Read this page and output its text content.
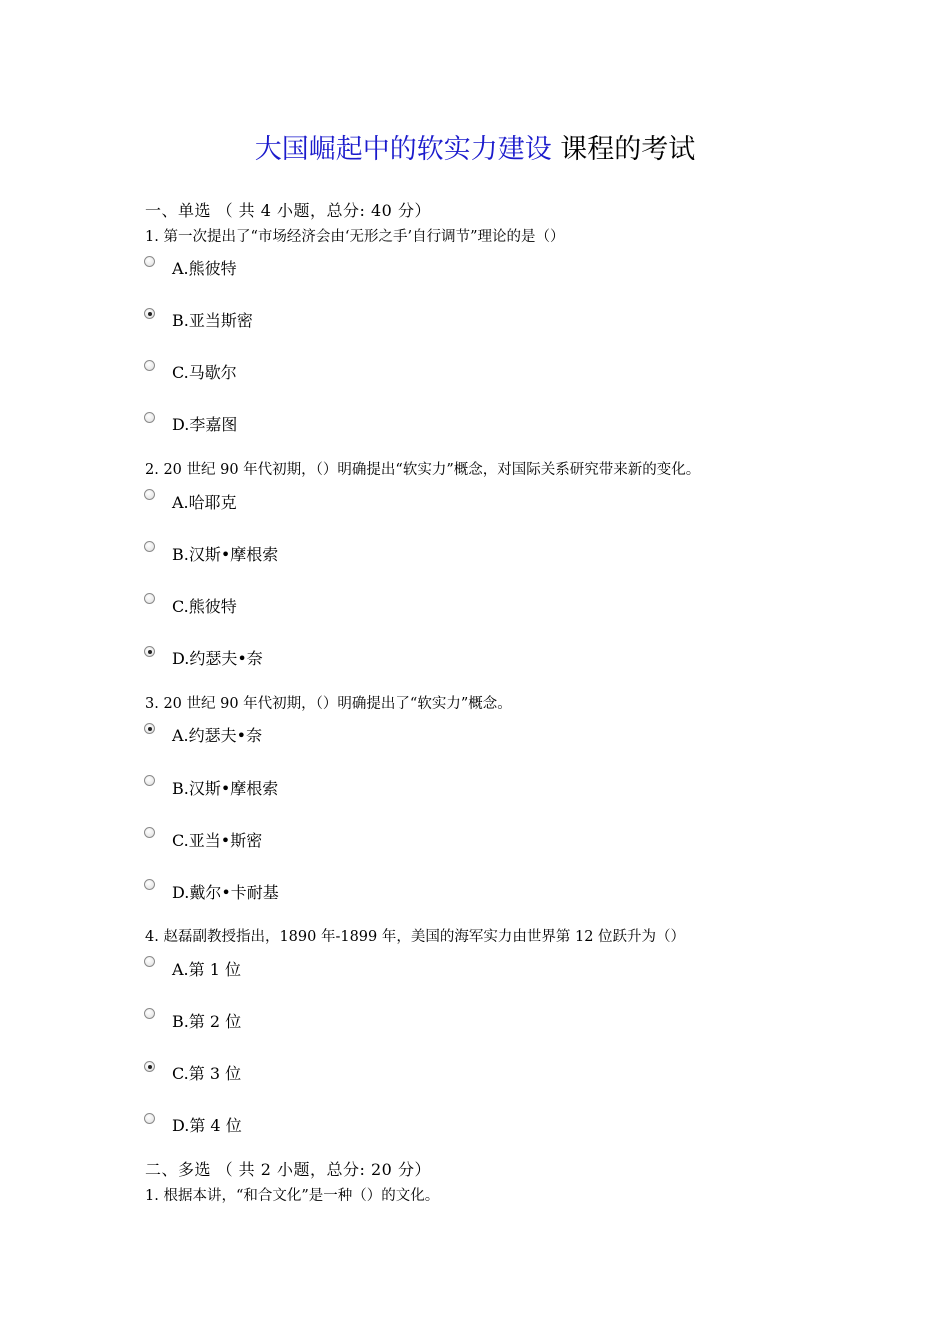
大国崛起中的软实力建设 课程的考试
一、单选 （ 共 4 小题，总分: 40 分）
1. 第一次提出了“市场经济会由‘无形之手’自行调节”理论的是（）
A.熊彼特
B.亚当斯密
C.马歇尔
D.李嘉图
2. 20 世纪 90 年代初期，（）明确提出“软实力”概念，对国际关系研究带来新的变化。
A.哈耶克
B.汉斯•摩根索
C.熊彼特
D.约瑟夫•奈
3. 20 世纪 90 年代初期，（）明确提出了“软实力”概念。
A.约瑟夫•奈
B.汉斯•摩根索
C.亚当•斯密
D.戴尔•卡耐基
4. 赵磊副教授指出，1890 年-1899 年，美国的海军实力由世界第 12 位跃升为（）
A.第 1 位
B.第 2 位
C.第 3 位
D.第 4 位
二、多选 （ 共 2 小题，总分: 20 分）
1. 根据本讲，“和合文化”是一种（）的文化。
